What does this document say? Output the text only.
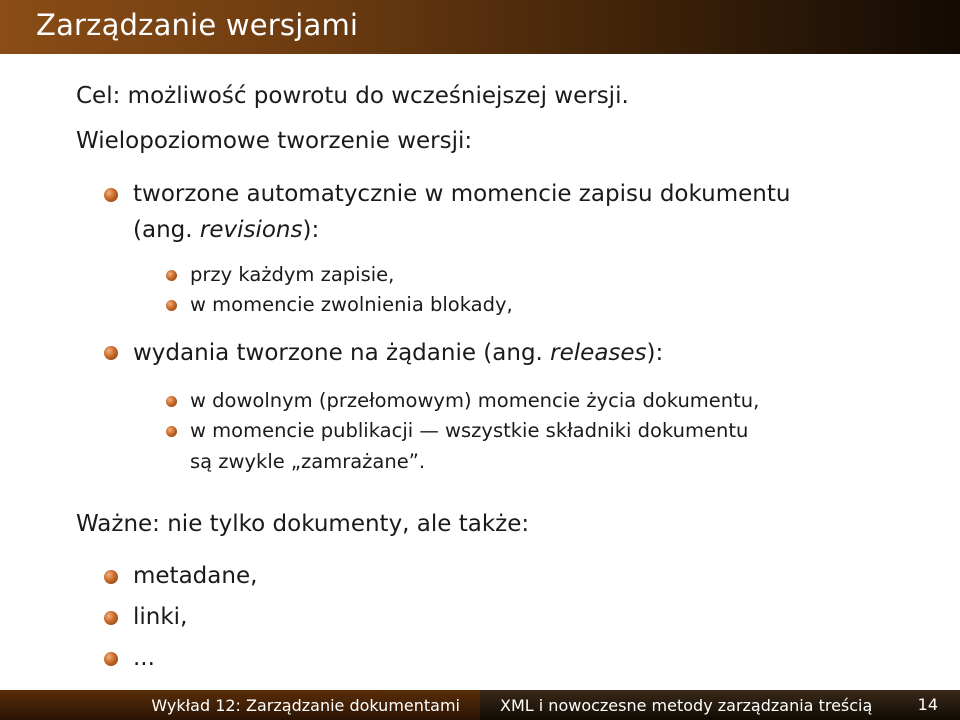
Zarządzanie wersjami
Cel: możliwość powrotu do wcześniejszej wersji.
Wielopoziomowe tworzenie wersji:
tworzone automatycznie w momencie zapisu dokumentu
(ang. revisions):
przy każdym zapisie,
w momencie zwolnienia blokady,
wydania tworzone na żądanie (ang. releases):
w dowolnym (przełomowym) momencie życia dokumentu,
w momencie publikacji — wszystkie składniki dokumentu
są zwykle „zamrażane”.
Ważne: nie tylko dokumenty, ale także:
metadane,
linki,
...
Wykład 12: Zarządzanie dokumentami	XML i nowoczesne metody zarządzania treścią	14
